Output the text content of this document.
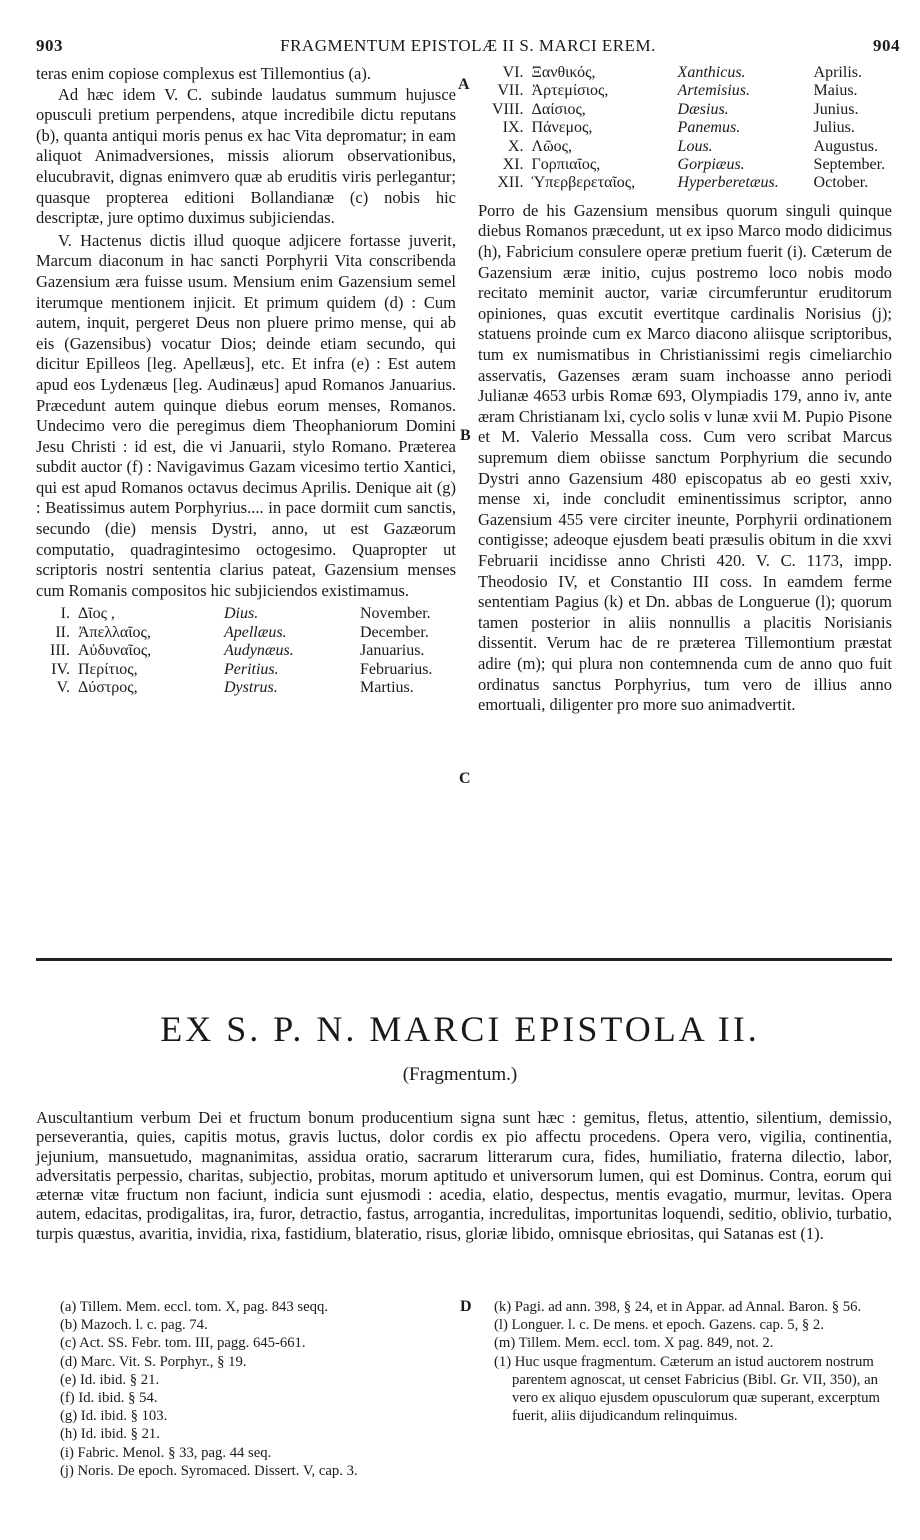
903	FRAGMENTUM EPISTOLÆ II S. MARCI EREM.	904

teras enim copiose complexus est Tillemontius (a).

Ad hæc idem V. C. subinde laudatus summum hujusce opusculi pretium perpendens, atque incredibile dictu reputans (b), quanta antiqui moris penus ex hac Vita depromatur; in eam aliquot Animadversiones, missis aliorum observationibus, elucubravit, dignas enimvero quæ ab eruditis viris perlegantur; quasque propterea editioni Bollandianæ (c) nobis hic descriptæ, jure optimo duximus subjiciendas.

V. Hactenus dictis illud quoque adjicere fortasse juverit, Marcum diaconum in hac sancti Porphyrii Vita conscribenda Gazensium æra fuisse usum. Mensium enim Gazensium semel iterumque mentionem injicit. Et primum quidem (d) : Cum autem, inquit, pergeret Deus non pluere primo mense, qui ab eis (Gazensibus) vocatur Dios; deinde etiam secundo, qui dicitur Epilleos [leg. Apellæus], etc. Et infra (e) : Est autem apud eos Lydenæus [leg. Audinæus] apud Romanos Januarius. Præcedunt autem quinque diebus eorum menses, Romanos. Undecimo vero die peregimus diem Theophaniorum Domini Jesu Christi : id est, die vi Januarii, stylo Romano. Præterea subdit auctor (f) : Navigavimus Gazam vicesimo tertio Xantici, qui est apud Romanos octavus decimus Aprilis. Denique ait (g) : Beatissimus autem Porphyrius.... in pace dormiit cum sanctis, secundo (die) mensis Dystri, anno, ut est Gazæorum computatio, quadragintesimo octogesimo. Quapropter ut scriptoris nostri sententia clarius pateat, Gazensium menses cum Romanis compositos hic subjiciendos existimamus.

I.	Δῖος ,	Dius.	November.
II.	Ἀπελλαῖος,	Apellæus.	December.
III.	Αὐδυναῖος,	Audynæus.	Januarius.
IV.	Περίτιος,	Peritius.	Februarius.
V.	Δύστρος,	Dystrus.	Martius.
A
B
C
VI.	Ξανθικός,	Xanthicus.	Aprilis.
VII.	Ἀρτεμίσιος,	Artemisius.	Maius.
VIII.	Δαίσιος,	Dæsius.	Junius.
IX.	Πάνεμος,	Panemus.	Julius.
X.	Λῶος,	Lous.	Augustus.
XI.	Γορπιαῖος,	Gorpiæus.	September.
XII.	Ὑπερβερεταῖος,	Hyperberetæus.	October.

Porro de his Gazensium mensibus quorum singuli quinque diebus Romanos præcedunt, ut ex ipso Marco modo didicimus (h), Fabricium consulere operæ pretium fuerit (i). Cæterum de Gazensium æræ initio, cujus postremo loco nobis modo recitato meminit auctor, variæ circumferuntur eruditorum opiniones, quas excutit evertitque cardinalis Norisius (j); statuens proinde cum ex Marco diacono aliisque scriptoribus, tum ex numismatibus in Christianissimi regis cimeliarchio asservatis, Gazenses æram suam inchoasse anno periodi Julianæ 4653 urbis Romæ 693, Olympiadis 179, anno iv, ante æram Christianam lxi, cyclo solis v lunæ xvii M. Pupio Pisone et M. Valerio Messalla coss. Cum vero scribat Marcus supremum diem obiisse sanctum Porphyrium die secundo Dystri anno Gazensium 480 episcopatus ab eo gesti xxiv, mense xi, inde concludit eminentissimus scriptor, anno Gazensium 455 vere circiter ineunte, Porphyrii ordinationem contigisse; adeoque ejusdem beati præsulis obitum in die xxvi Februarii incidisse anno Christi 420. V. C. 1173, impp. Theodosio IV, et Constantio III coss. In eamdem ferme sententiam Pagius (k) et Dn. abbas de Longuerue (l); quorum tamen posterior in aliis nonnullis a placitis Norisianis dissentit. Verum hac de re præterea Tillemontium præstat adire (m); qui plura non contemnenda cum de anno quo fuit ordinatus sanctus Porphyrius, tum vero de illius anno emortuali, diligenter pro more suo animadvertit.

EX S. P. N. MARCI EPISTOLA II.
(Fragmentum.)
Auscultantium verbum Dei et fructum bonum producentium signa sunt hæc : gemitus, fletus, attentio, silentium, demissio, perseverantia, quies, capitis motus, gravis luctus, dolor cordis ex pio affectu procedens. Opera vero, vigilia, continentia, jejunium, mansuetudo, magnanimitas, assidua oratio, sacrarum litterarum cura, fides, humiliatio, fraterna dilectio, labor, adversitatis perpessio, charitas, subjectio, probitas, morum aptitudo et universorum lumen, qui est Dominus. Contra, eorum qui æternæ vitæ fructum non faciunt, indicia sunt ejusmodi : acedia, elatio, despectus, mentis evagatio, murmur, levitas. Opera autem, edacitas, prodigalitas, ira, furor, detractio, fastus, arrogantia, incredulitas, importunitas loquendi, seditio, oblivio, turbatio, turpis quæstus, avaritia, invidia, rixa, fastidium, blateratio, risus, gloriæ libido, omnisque ebriositas, qui Satanas est (1).
D
(a) Tillem. Mem. eccl. tom. X, pag. 843 seqq.
(b) Mazoch. l. c. pag. 74.
(c) Act. SS. Febr. tom. III, pagg. 645-661.
(d) Marc. Vit. S. Porphyr., § 19.
(e) Id. ibid. § 21.
(f) Id. ibid. § 54.
(g) Id. ibid. § 103.
(h) Id. ibid. § 21.
(i) Fabric. Menol. § 33, pag. 44 seq.
(j) Noris. De epoch. Syromaced. Dissert. V, cap. 3.
(k) Pagi. ad ann. 398, § 24, et in Appar. ad Annal. Baron. § 56.
(l) Longuer. l. c. De mens. et epoch. Gazens. cap. 5, § 2.
(m) Tillem. Mem. eccl. tom. X pag. 849, not. 2.
(1) Huc usque fragmentum. Cæterum an istud auctorem nostrum parentem agnoscat, ut censet Fabricius (Bibl. Gr. VII, 350), an vero ex aliquo ejusdem opusculorum quæ superant, excerptum fuerit, aliis dijudicandum relinquimus.
